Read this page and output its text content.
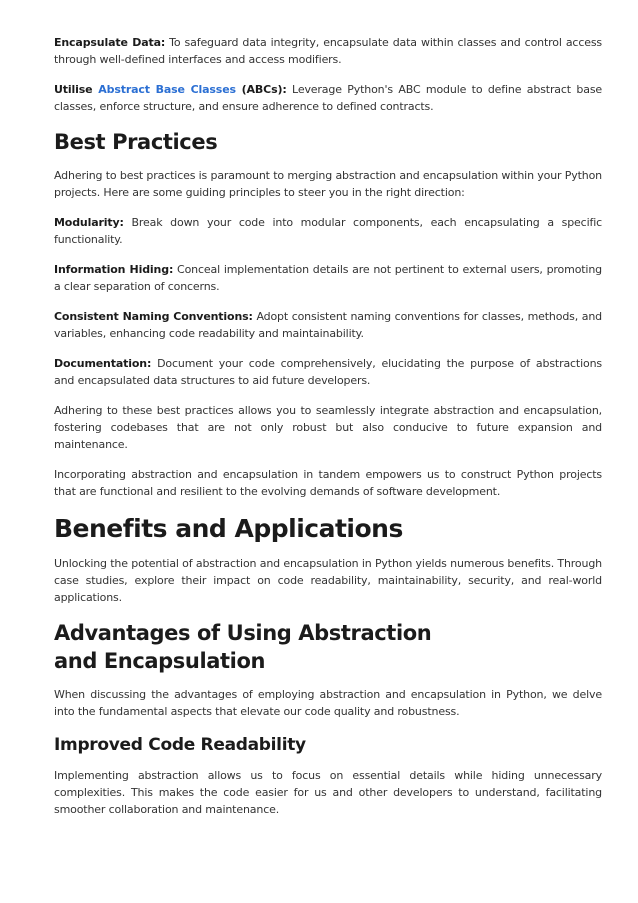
Encapsulate Data: To safeguard data integrity, encapsulate data within classes and control access through well-defined interfaces and access modifiers.

Utilise Abstract Base Classes (ABCs): Leverage Python's ABC module to define abstract base classes, enforce structure, and ensure adherence to defined contracts.

Best Practices

Adhering to best practices is paramount to merging abstraction and encapsulation within your Python projects. Here are some guiding principles to steer you in the right direction:

Modularity: Break down your code into modular components, each encapsulating a specific functionality.

Information Hiding: Conceal implementation details are not pertinent to external users, promoting a clear separation of concerns.

Consistent Naming Conventions: Adopt consistent naming conventions for classes, methods, and variables, enhancing code readability and maintainability.

Documentation: Document your code comprehensively, elucidating the purpose of abstractions and encapsulated data structures to aid future developers.

Adhering to these best practices allows you to seamlessly integrate abstraction and encapsulation, fostering codebases that are not only robust but also conducive to future expansion and maintenance.

Incorporating abstraction and encapsulation in tandem empowers us to construct Python projects that are functional and resilient to the evolving demands of software development.

Benefits and Applications

Unlocking the potential of abstraction and encapsulation in Python yields numerous benefits. Through case studies, explore their impact on code readability, maintainability, security, and real-world applications.

Advantages of Using Abstraction and Encapsulation

When discussing the advantages of employing abstraction and encapsulation in Python, we delve into the fundamental aspects that elevate our code quality and robustness.

Improved Code Readability

Implementing abstraction allows us to focus on essential details while hiding unnecessary complexities. This makes the code easier for us and other developers to understand, facilitating smoother collaboration and maintenance.
